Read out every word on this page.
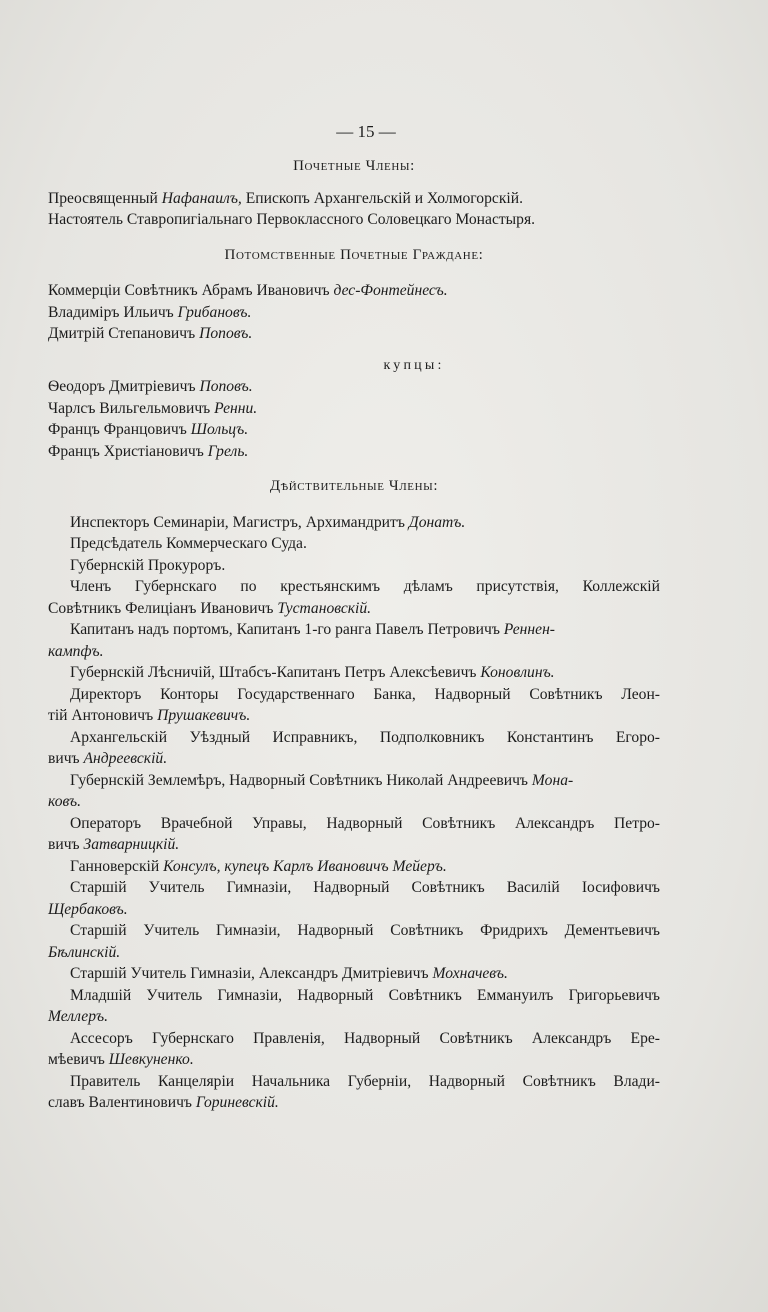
— 15 —
Почетные Члены:
Преосвященный Нафанаилъ, Епископъ Архангельскій и Холмогорскій.
Настоятель Ставропигіальнаго Первоклассного Соловецкаго Монастыря.
Потомственные Почетные Граждане:
Коммерціи Совѣтникъ Абрамъ Ивановичъ дес-Фонтейнесъ.
Владиміръ Ильичъ Грибановъ.
Дмитрій Степановичъ Поповъ.
купцы:
Ѳеодоръ Дмитріевичъ Поповъ.
Чарлсъ Вильгельмовичъ Ренни.
Францъ Францовичъ Шольцъ.
Францъ Христіановичъ Грель.
Дѣйствительные Члены:
Инспекторъ Семинаріи, Магистръ, Архимандритъ Донатъ.
Предсѣдатель Коммерческаго Суда.
Губернскій Прокуроръ.
Членъ Губернскаго по крестьянскимъ дѣламъ присутствія, Коллежскій
Совѣтникъ Фелиціанъ Ивановичъ Тустановскій.
Капитанъ надъ портомъ, Капитанъ 1-го ранга Павелъ Петровичъ Реннен-
кампфъ.
Губернскій Лѣсничій, Штабсъ-Капитанъ Петръ Алексѣевичъ Коновлинъ.
Директоръ Конторы Государственнаго Банка, Надворный Совѣтникъ Леон-
тій Антоновичъ Прушакевичъ.
Архангельскій Уѣздный Исправникъ, Подполковникъ Константинъ Егоро-
вичъ Андреевскій.
Губернскій Землемѣръ, Надворный Совѣтникъ Николай Андреевичъ Мона-
ковъ.
Операторъ Врачебной Управы, Надворный Совѣтникъ Александръ Петро-
вичъ Затварницкій.
Ганноверскій Консулъ, купецъ Карлъ Ивановичъ Мейеръ.
Старшій Учитель Гимназіи, Надворный Совѣтникъ Василій Іосифовичъ
Щербаковъ.
Старшій Учитель Гимназіи, Надворный Совѣтникъ Фридрихъ Дементьевичъ
Бѣлинскій.
Старшій Учитель Гимназіи, Александръ Дмитріевичъ Мохначевъ.
Младшій Учитель Гимназіи, Надворный Совѣтникъ Еммануилъ Григорьевичъ
Меллеръ.
Ассесоръ Губернскаго Правленія, Надворный Совѣтникъ Александръ Ере-
мѣевичъ Шевкуненко.
Правитель Канцеляріи Начальника Губерніи, Надворный Совѣтникъ Влади-
славъ Валентиновичъ Гориневскій.
